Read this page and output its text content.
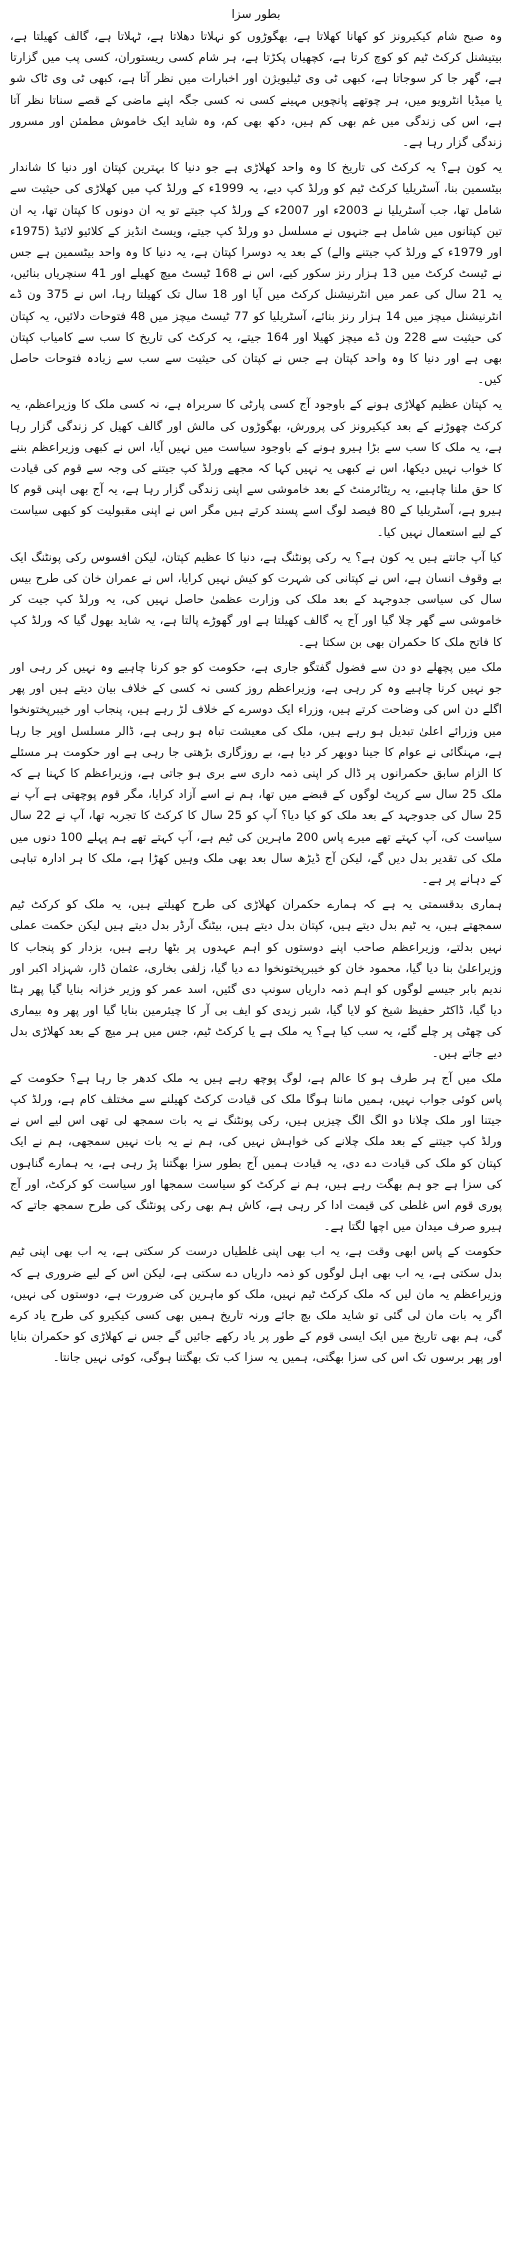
بطور سزا

وہ صبح شام کیکیرونز کو کھانا کھلاتا ہے، بھگوڑوں کو نہلاتا دھلاتا ہے، ٹہلاتا ہے، گالف کھیلتا ہے، بیتیشنل کرکٹ ٹیم کو کوچ کرتا ہے، کچھیاں پکڑتا ہے، ہر شام کسی ریستوران، کسی پب میں گزارتا ہے، گھر جا کر سوجاتا ہے، کبھی ٹی وی ٹیلیویژن اور اخبارات میں نظر آتا ہے، کبھی ٹی وی ٹاک شو یا میڈیا انٹرویو میں، ہر چوتھے پانچویں مہینے کسی نہ کسی جگہ اپنے ماضی کے قصے سناتا نظر آتا ہے، اس کی زندگی میں غم بھی کم ہیں، دکھ بھی کم، وہ شاید ایک خاموش مطمئن اور مسرور زندگی گزار رہا ہے۔

یہ کون ہے؟ یہ کرکٹ کی تاریخ کا وہ واحد کھلاڑی ہے جو دنیا کا بہترین کپتان اور دنیا کا شاندار بیٹسمین بنا، آسٹریلیا کرکٹ ٹیم کو ورلڈ کپ دیے، یہ 1999ء کے ورلڈ کپ میں کھلاڑی کی حیثیت سے شامل تھا، جب آسٹریلیا نے 2003ء اور 2007ء کے ورلڈ کپ جیتے تو یہ ان دونوں کا کپتان تھا، یہ ان تین کپتانوں میں شامل ہے جنہوں نے مسلسل دو ورلڈ کپ جیتے، ویسٹ انڈیز کے کلائیو لائیڈ (1975ء اور 1979ء کے ورلڈ کپ جیتنے والے) کے بعد یہ دوسرا کپتان ہے، یہ دنیا کا وہ واحد بیٹسمین ہے جس نے ٹیسٹ کرکٹ میں 13 ہزار رنز سکور کیے، اس نے 168 ٹیسٹ میچ کھیلے اور 41 سنچریاں بنائیں، یہ 21 سال کی عمر میں انٹرنیشنل کرکٹ میں آیا اور 18 سال تک کھیلتا رہا، اس نے 375 ون ڈے انٹرنیشنل میچز میں 14 ہزار رنز بنائے، آسٹریلیا کو 77 ٹیسٹ میچز میں 48 فتوحات دلائیں، یہ کپتان کی حیثیت سے 228 ون ڈے میچز کھیلا اور 164 جیتے، یہ کرکٹ کی تاریخ کا سب سے کامیاب کپتان بھی ہے اور دنیا کا وہ واحد کپتان ہے جس نے کپتان کی حیثیت سے سب سے زیادہ فتوحات حاصل کیں۔

یہ کپتان عظیم کھلاڑی ہونے کے باوجود آج کسی پارٹی کا سربراہ ہے، نہ کسی ملک کا وزیراعظم، یہ کرکٹ چھوڑنے کے بعد کیکیرونز کی پرورش، بھگوڑوں کی مالش اور گالف کھیل کر زندگی گزار رہا ہے، یہ ملک کا سب سے بڑا ہیرو ہونے کے باوجود سیاست میں نہیں آیا، اس نے کبھی وزیراعظم بننے کا خواب نہیں دیکھا، اس نے کبھی یہ نہیں کہا کہ مجھے ورلڈ کپ جیتنے کی وجہ سے قوم کی قیادت کا حق ملنا چاہیے، یہ ریٹائرمنٹ کے بعد خاموشی سے اپنی زندگی گزار رہا ہے، یہ آج بھی اپنی قوم کا ہیرو ہے، آسٹریلیا کے 80 فیصد لوگ اسے پسند کرتے ہیں مگر اس نے اپنی مقبولیت کو کبھی سیاست کے لیے استعمال نہیں کیا۔

کیا آپ جانتے ہیں یہ کون ہے؟ یہ رکی پونٹنگ ہے، دنیا کا عظیم کپتان، لیکن افسوس رکی پونٹنگ ایک بے وقوف انسان ہے، اس نے کپتانی کی شہرت کو کیش نہیں کرایا، اس نے عمران خان کی طرح بیس سال کی سیاسی جدوجہد کے بعد ملک کی وزارت عظمیٰ حاصل نہیں کی، یہ ورلڈ کپ جیت کر خاموشی سے گھر چلا گیا اور آج یہ گالف کھیلتا ہے اور گھوڑے پالتا ہے، یہ شاید بھول گیا کہ ورلڈ کپ کا فاتح ملک کا حکمران بھی بن سکتا ہے۔

ملک میں پچھلے دو دن سے فضول گفتگو جاری ہے، حکومت کو جو کرنا چاہیے وہ نہیں کر رہی اور جو نہیں کرنا چاہیے وہ کر رہی ہے، وزیراعظم روز کسی نہ کسی کے خلاف بیان دیتے ہیں اور پھر اگلے دن اس کی وضاحت کرتے ہیں، وزراء ایک دوسرے کے خلاف لڑ رہے ہیں، پنجاب اور خیبرپختونخوا میں وزرائے اعلیٰ تبدیل ہو رہے ہیں، ملک کی معیشت تباہ ہو رہی ہے، ڈالر مسلسل اوپر جا رہا ہے، مہنگائی نے عوام کا جینا دوبھر کر دیا ہے، بے روزگاری بڑھتی جا رہی ہے اور حکومت ہر مسئلے کا الزام سابق حکمرانوں پر ڈال کر اپنی ذمہ داری سے بری ہو جاتی ہے، وزیراعظم کا کہنا ہے کہ ملک 25 سال سے کرپٹ لوگوں کے قبضے میں تھا، ہم نے اسے آزاد کرایا، مگر قوم پوچھتی ہے آپ نے 25 سال کی جدوجہد کے بعد ملک کو کیا دیا؟ آپ کو 25 سال کا کرکٹ کا تجربہ تھا، آپ نے 22 سال سیاست کی، آپ کہتے تھے میرے پاس 200 ماہرین کی ٹیم ہے، آپ کہتے تھے ہم پہلے 100 دنوں میں ملک کی تقدیر بدل دیں گے، لیکن آج ڈیڑھ سال بعد بھی ملک وہیں کھڑا ہے، ملک کا ہر ادارہ تباہی کے دہانے پر ہے۔

ہماری بدقسمتی یہ ہے کہ ہمارے حکمران کھلاڑی کی طرح کھیلتے ہیں، یہ ملک کو کرکٹ ٹیم سمجھتے ہیں، یہ ٹیم بدل دیتے ہیں، کپتان بدل دیتے ہیں، بیٹنگ آرڈر بدل دیتے ہیں لیکن حکمت عملی نہیں بدلتے، وزیراعظم صاحب اپنے دوستوں کو اہم عہدوں پر بٹھا رہے ہیں، بزدار کو پنجاب کا وزیراعلیٰ بنا دیا گیا، محمود خان کو خیبرپختونخوا دے دیا گیا، زلفی بخاری، عثمان ڈار، شہزاد اکبر اور ندیم بابر جیسے لوگوں کو اہم ذمہ داریاں سونپ دی گئیں، اسد عمر کو وزیر خزانہ بنایا گیا پھر ہٹا دیا گیا، ڈاکٹر حفیظ شیخ کو لایا گیا، شبر زیدی کو ایف بی آر کا چیئرمین بنایا گیا اور پھر وہ بیماری کی چھٹی پر چلے گئے، یہ سب کیا ہے؟ یہ ملک ہے یا کرکٹ ٹیم، جس میں ہر میچ کے بعد کھلاڑی بدل دیے جاتے ہیں۔

ملک میں آج ہر طرف ہو کا عالم ہے، لوگ پوچھ رہے ہیں یہ ملک کدھر جا رہا ہے؟ حکومت کے پاس کوئی جواب نہیں، ہمیں ماننا ہوگا ملک کی قیادت کرکٹ کھیلنے سے مختلف کام ہے، ورلڈ کپ جیتنا اور ملک چلانا دو الگ الگ چیزیں ہیں، رکی پونٹنگ نے یہ بات سمجھ لی تھی اس لیے اس نے ورلڈ کپ جیتنے کے بعد ملک چلانے کی خواہش نہیں کی، ہم نے یہ بات نہیں سمجھی، ہم نے ایک کپتان کو ملک کی قیادت دے دی، یہ قیادت ہمیں آج بطور سزا بھگتنا پڑ رہی ہے، یہ ہمارے گناہوں کی سزا ہے جو ہم بھگت رہے ہیں، ہم نے کرکٹ کو سیاست سمجھا اور سیاست کو کرکٹ، اور آج پوری قوم اس غلطی کی قیمت ادا کر رہی ہے، کاش ہم بھی رکی پونٹنگ کی طرح سمجھ جاتے کہ ہیرو صرف میدان میں اچھا لگتا ہے۔

حکومت کے پاس ابھی وقت ہے، یہ اب بھی اپنی غلطیاں درست کر سکتی ہے، یہ اب بھی اپنی ٹیم بدل سکتی ہے، یہ اب بھی اہل لوگوں کو ذمہ داریاں دے سکتی ہے، لیکن اس کے لیے ضروری ہے کہ وزیراعظم یہ مان لیں کہ ملک کرکٹ ٹیم نہیں، ملک کو ماہرین کی ضرورت ہے، دوستوں کی نہیں، اگر یہ بات مان لی گئی تو شاید ملک بچ جائے ورنہ تاریخ ہمیں بھی کسی کیکیرو کی طرح یاد کرے گی، ہم بھی تاریخ میں ایک ایسی قوم کے طور پر یاد رکھے جائیں گے جس نے کھلاڑی کو حکمران بنایا اور پھر برسوں تک اس کی سزا بھگتی، ہمیں یہ سزا کب تک بھگتنا ہوگی، کوئی نہیں جانتا۔
